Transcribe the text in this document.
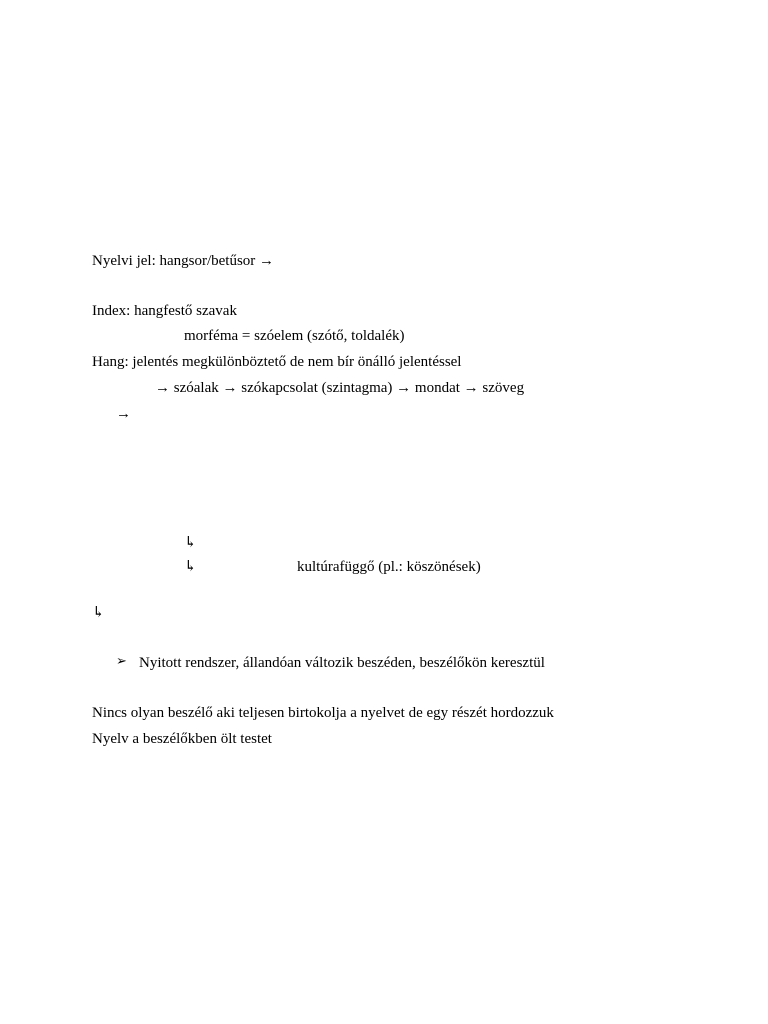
Nyelvi jel: hangsor/betűsor →
Index: hangfestő szavak
morféma = szóelem (szótő, toldalék)
Hang: jelentés megkülönböztető de nem bír önálló jelentéssel
→ szóalak → szókapcsolat (szintagma) → mondat → szöveg
→
↳
↳	kultúrafüggő (pl.: köszönések)
↳
➢ Nyitott rendszer, állandóan változik beszéden, beszélőkön keresztül
Nincs olyan beszélő aki teljesen birtokolja a nyelvet de egy részét hordozzuk
Nyelv a beszélőkben ölt testet
